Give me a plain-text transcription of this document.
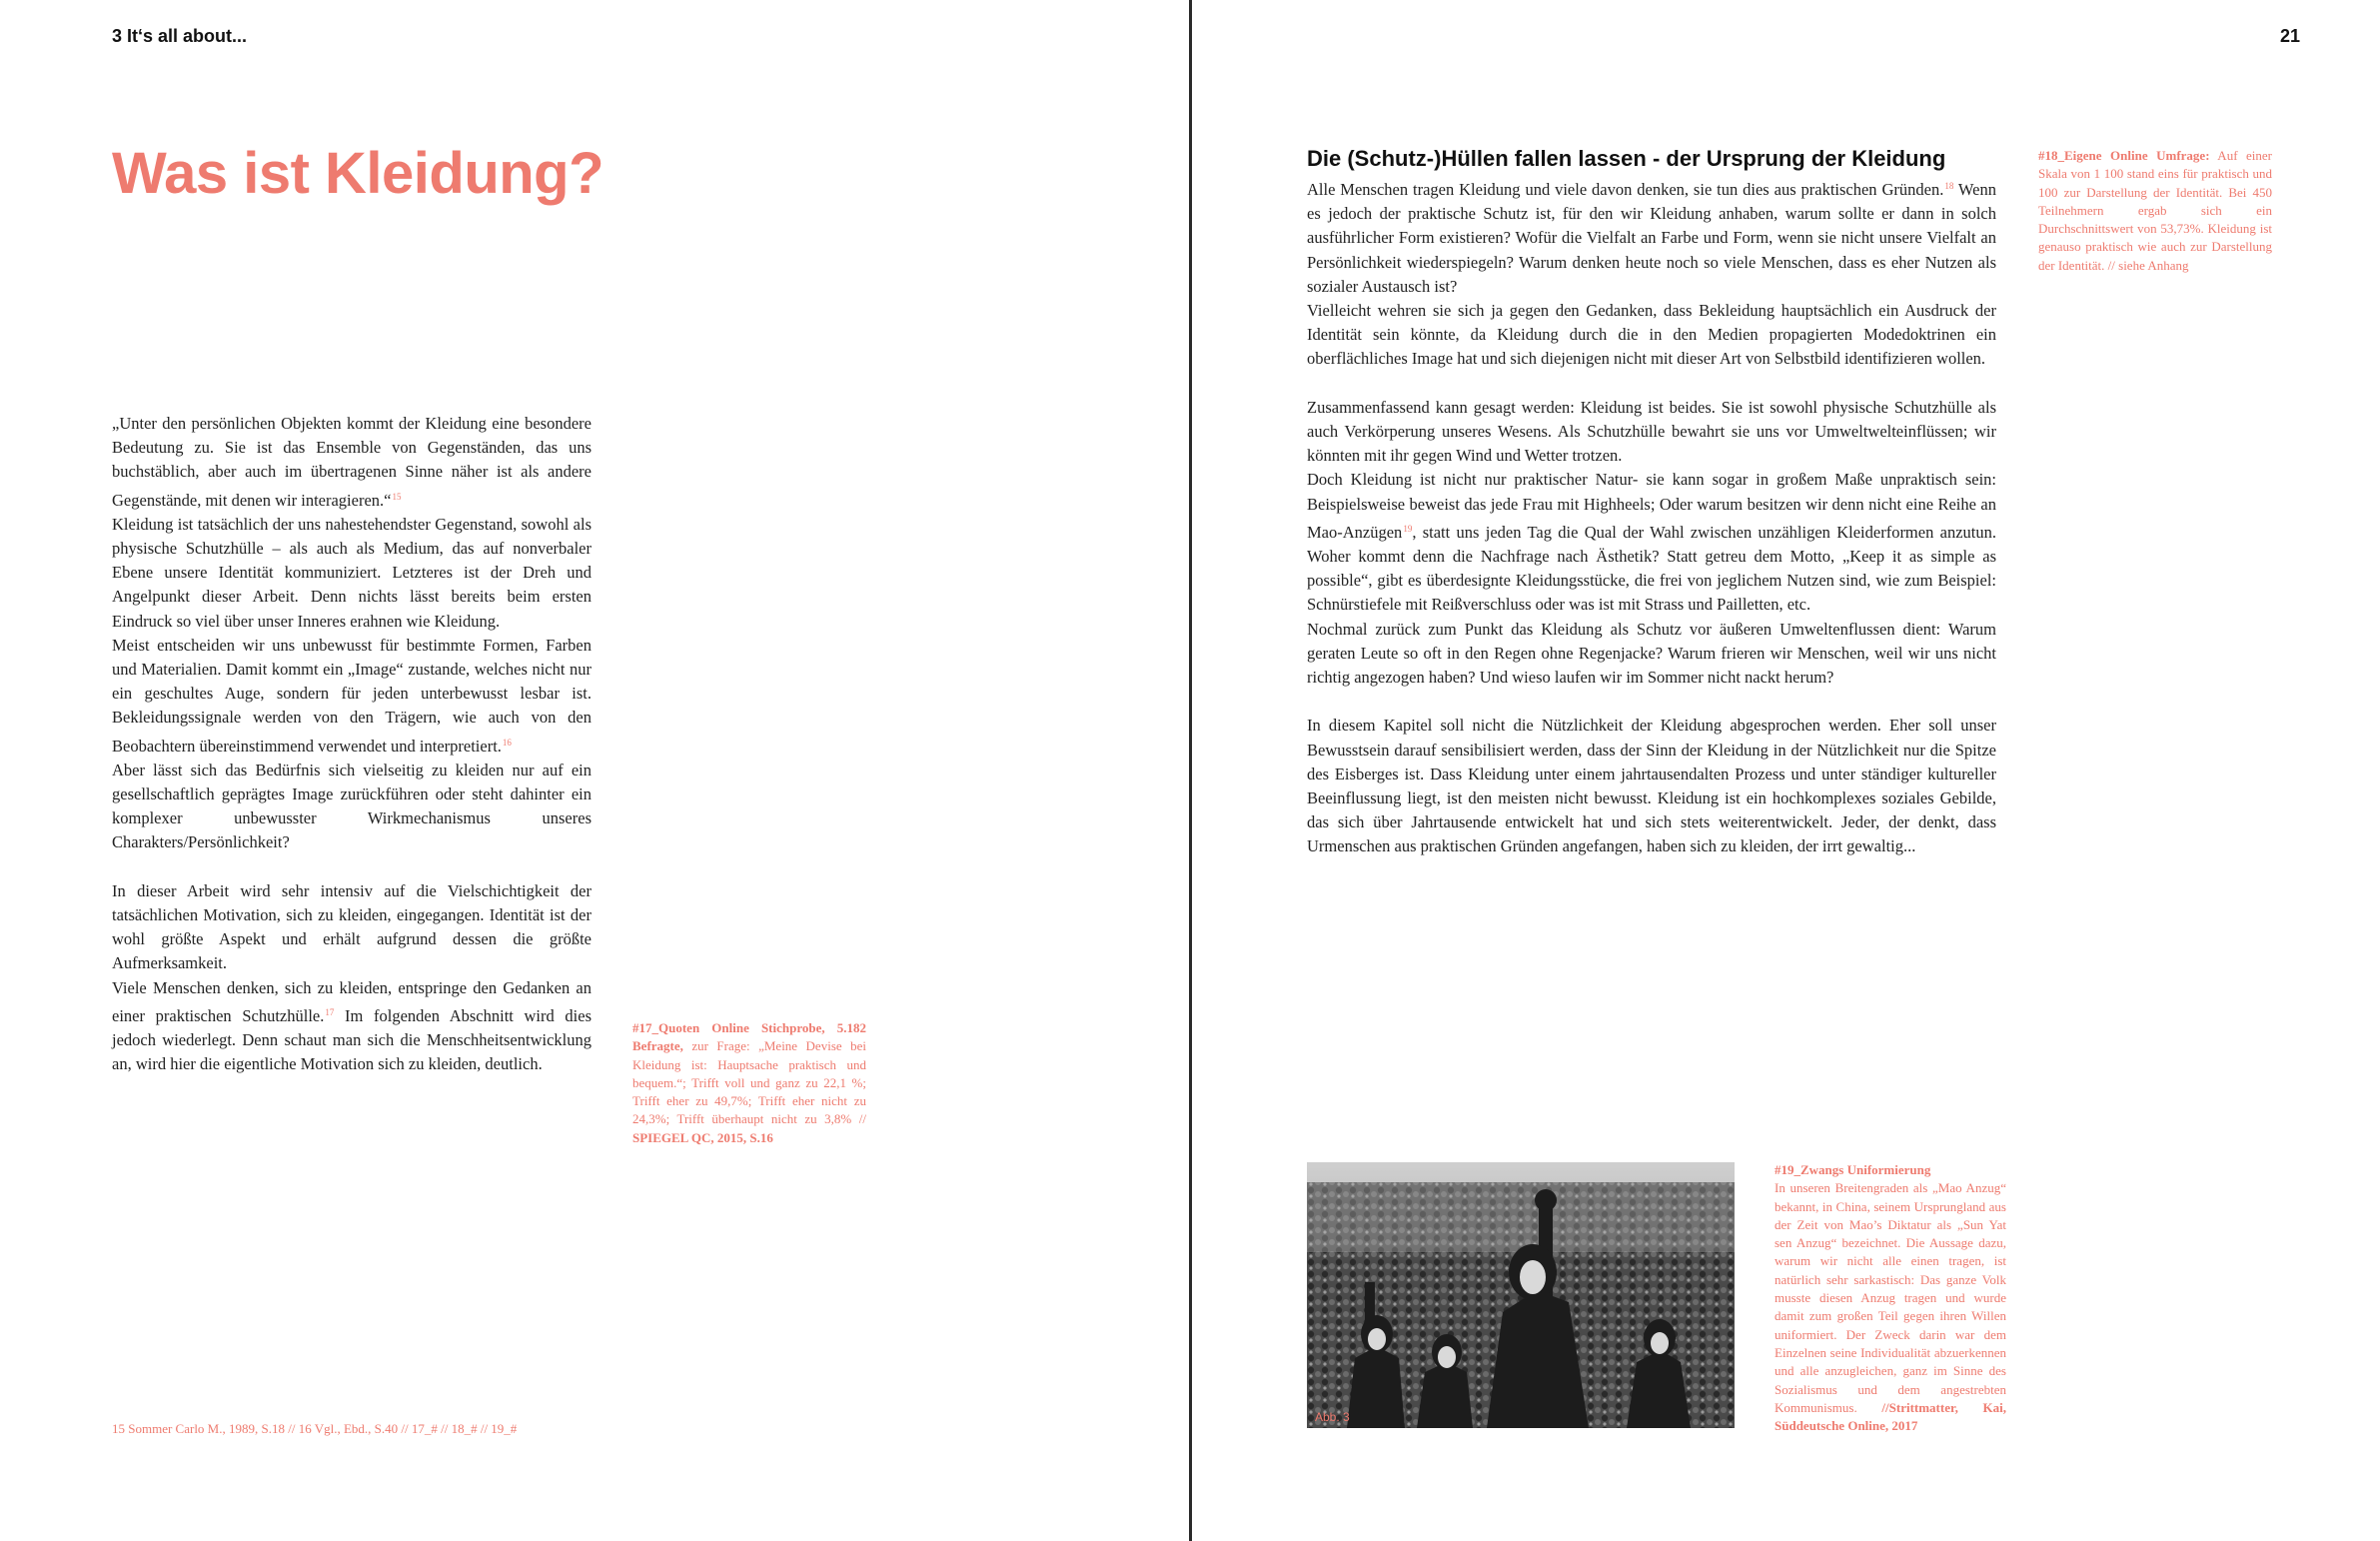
3 It‘s all about...
Was ist Kleidung?

„Unter den persönlichen Objekten kommt der Kleidung eine besondere Bedeutung zu. Sie ist das Ensemble von Gegenständen, das uns buchstäblich, aber auch im übertragenen Sinne näher ist als andere Gegenstände, mit denen wir interagieren.“$^{15}$

Kleidung ist tatsächlich der uns nahestehendster Gegenstand, sowohl als physische Schutzhülle – als auch als Medium, das auf nonverbaler Ebene unsere Identität kommuniziert. Letzteres ist der Dreh und Angelpunkt dieser Arbeit. Denn nichts lässt bereits beim ersten Eindruck so viel über unser Inneres erahnen wie Kleidung.

Meist entscheiden wir uns unbewusst für bestimmte Formen, Farben und Materialien. Damit kommt ein „Image“ zustande, welches nicht nur ein geschultes Auge, sondern für jeden unterbewusst lesbar ist. Bekleidungssignale werden von den Trägern, wie auch von den Beobachtern übereinstimmend verwendet und interpretiert.$^{16}$

Aber lässt sich das Bedürfnis sich vielseitig zu kleiden nur auf ein gesellschaftlich geprägtes Image zurückführen oder steht dahinter ein komplexer unbewusster Wirkmechanismus unseres Charakters/Persönlichkeit?

In dieser Arbeit wird sehr intensiv auf die Vielschichtigkeit der tatsächlichen Motivation, sich zu kleiden, eingegangen. Identität ist der wohl größte Aspekt und erhält aufgrund dessen die größte Aufmerksamkeit.

Viele Menschen denken, sich zu kleiden, entspringe den Gedanken an einer praktischen Schutzhülle.$^{17}$ Im folgenden Abschnitt wird dies jedoch wiederlegt. Denn schaut man sich die Menschheitsentwicklung an, wird hier die eigentliche Motivation sich zu kleiden, deutlich.

#17_Quoten Online Stichprobe, 5.182 Befragte, zur Frage: „Meine Devise bei Kleidung ist: Hauptsache praktisch und bequem.“; Trifft voll und ganz zu 22,1 %; Trifft eher zu 49,7%; Trifft eher nicht zu 24,3%; Trifft überhaupt nicht zu 3,8% // SPIEGEL QC, 2015, S.16
15 Sommer Carlo M., 1989, S.18 // 16 Vgl., Ebd., S.40 // 17_# // 18_# // 19_#
21
Die (Schutz-)Hüllen fallen lassen - der Ursprung der Kleidung

Alle Menschen tragen Kleidung und viele davon denken, sie tun dies aus praktischen Gründen.$^{18}$ Wenn es jedoch der praktische Schutz ist, für den wir Kleidung anhaben, warum sollte er dann in solch ausführlicher Form existieren? Wofür die Vielfalt an Farbe und Form, wenn sie nicht unsere Vielfalt an Persönlichkeit wiederspiegeln? Warum denken heute noch so viele Menschen, dass es eher Nutzen als sozialer Austausch ist?

Vielleicht wehren sie sich ja gegen den Gedanken, dass Bekleidung hauptsächlich ein Ausdruck der Identität sein könnte, da Kleidung durch die in den Medien propagierten Modedoktrinen ein oberflächliches Image hat und sich diejenigen nicht mit dieser Art von Selbstbild identifizieren wollen.

Zusammenfassend kann gesagt werden: Kleidung ist beides. Sie ist sowohl physische Schutzhülle als auch Verkörperung unseres Wesens. Als Schutzhülle bewahrt sie uns vor Umweltwelteinflüssen; wir könnten mit ihr gegen Wind und Wetter trotzen.

Doch Kleidung ist nicht nur praktischer Natur- sie kann sogar in großem Maße unpraktisch sein: Beispielsweise beweist das jede Frau mit Highheels; Oder warum besitzen wir denn nicht eine Reihe an Mao-Anzügen$^{19}$, statt uns jeden Tag die Qual der Wahl zwischen unzähligen Kleiderformen anzutun. Woher kommt denn die Nachfrage nach Ästhetik? Statt getreu dem Motto, „Keep it as simple as possible“, gibt es überdesignte Kleidungsstücke, die frei von jeglichem Nutzen sind, wie zum Beispiel: Schnürstiefele mit Reißverschluss oder was ist mit Strass und Pailletten, etc.

Nochmal zurück zum Punkt das Kleidung als Schutz vor äußeren Umweltenflussen dient: Warum geraten Leute so oft in den Regen ohne Regenjacke? Warum frieren wir Menschen, weil wir uns nicht richtig angezogen haben? Und wieso laufen wir im Sommer nicht nackt herum?

In diesem Kapitel soll nicht die Nützlichkeit der Kleidung abgesprochen werden. Eher soll unser Bewusstsein darauf sensibilisiert werden, dass der Sinn der Kleidung in der Nützlichkeit nur die Spitze des Eisberges ist. Dass Kleidung unter einem jahrtausendalten Prozess und unter ständiger kultureller Beeinflussung liegt, ist den meisten nicht bewusst. Kleidung ist ein hochkomplexes soziales Gebilde, das sich über Jahrtausende entwickelt hat und sich stets weiterentwickelt. Jeder, der denkt, dass Urmenschen aus praktischen Gründen angefangen, haben sich zu kleiden, der irrt gewaltig...

#18_Eigene Online Umfrage: Auf einer Skala von 1 100 stand eins für praktisch und 100 zur Darstellung der Identität. Bei 450 Teilnehmern ergab sich ein Durchschnittswert von 53,73%. Kleidung ist genauso praktisch wie auch zur Darstellung der Identität. // siehe Anhang
#19_Zwangs Uniformierung
In unseren Breitengraden als „Mao Anzug“ bekannt, in China, seinem Ursprungland aus der Zeit von Mao’s Diktatur als „Sun Yat sen Anzug“ bezeichnet. Die Aussage dazu, warum wir nicht alle einen tragen, ist natürlich sehr sarkastisch: Das ganze Volk musste diesen Anzug tragen und wurde damit zum großen Teil gegen ihren Willen uniformiert. Der Zweck darin war dem Einzelnen seine Individualität abzuerkennen und alle anzugleichen, ganz im Sinne des Sozialismus und dem angestrebten Kommunismus. //Strittmatter, Kai, Süddeutsche Online, 2017
Abb. 3
